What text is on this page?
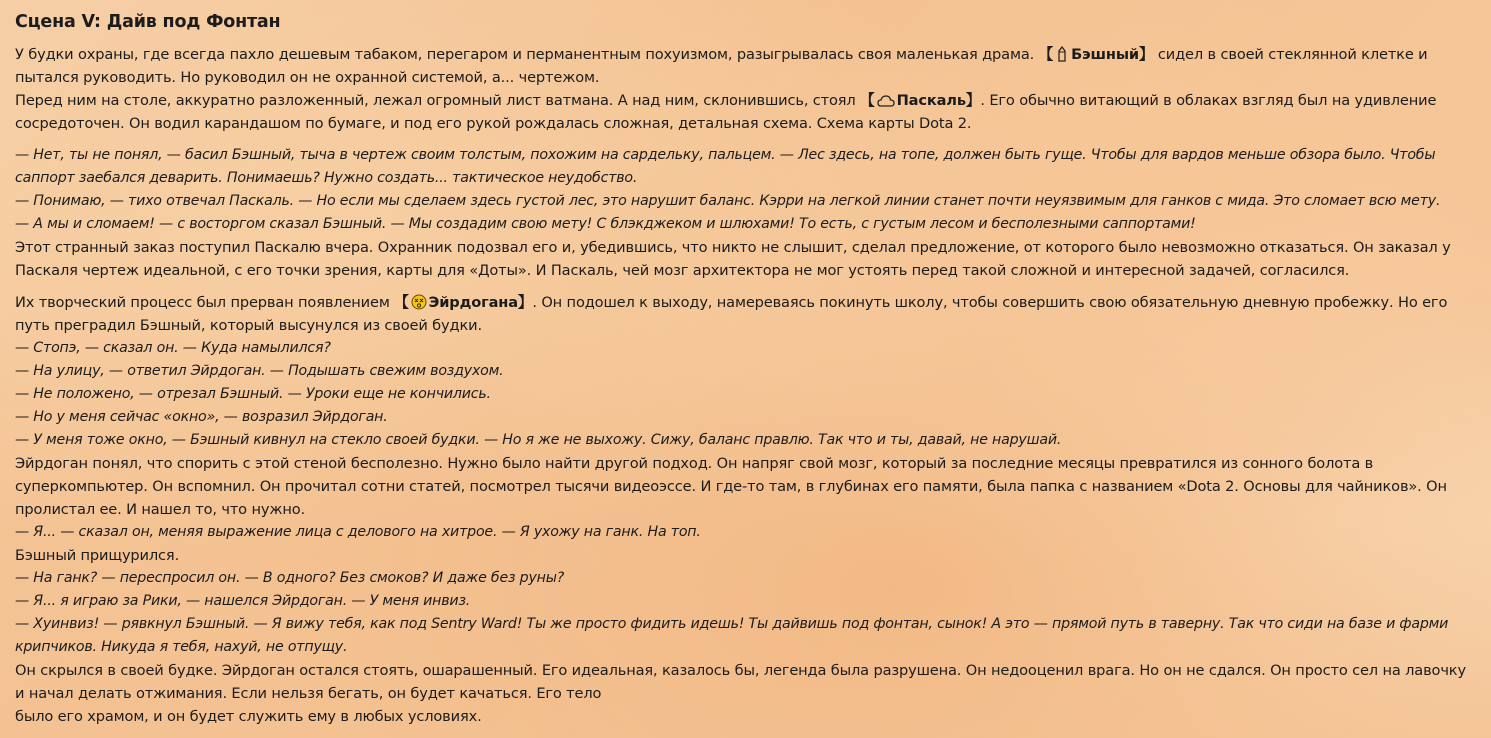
Сцена V: Дайв под Фонтан

У будки охраны, где всегда пахло дешевым табаком, перегаром и перманентным похуизмом, разыгрывалась своя маленькая драма. 【 Бэшный】 сидел в своей стеклянной клетке и пытался руководить. Но руководил он не охранной системой, а... чертежом.

Перед ним на столе, аккуратно разложенный, лежал огромный лист ватмана. А над ним, склонившись, стоял 【 Паскаль】. Его обычно витающий в облаках взгляд был на удивление сосредоточен. Он водил карандашом по бумаге, и под его рукой рождалась сложная, детальная схема. Схема карты Dota 2.

— Нет, ты не понял, — басил Бэшный, тыча в чертеж своим толстым, похожим на сардельку, пальцем. — Лес здесь, на топе, должен быть гуще. Чтобы для вардов меньше обзора было. Чтобы саппорт заебался деварить. Понимаешь? Нужно создать... тактическое неудобство.

— Понимаю, — тихо отвечал Паскаль. — Но если мы сделаем здесь густой лес, это нарушит баланс. Кэрри на легкой линии станет почти неуязвимым для ганков с мида. Это сломает всю мету.

— А мы и сломаем! — с восторгом сказал Бэшный. — Мы создадим свою мету! С блэкджеком и шлюхами! То есть, с густым лесом и бесполезными саппортами!

Этот странный заказ поступил Паскалю вчера. Охранник подозвал его и, убедившись, что никто не слышит, сделал предложение, от которого было невозможно отказаться. Он заказал у Паскаля чертеж идеальной, с его точки зрения, карты для «Доты». И Паскаль, чей мозг архитектора не мог устоять перед такой сложной и интересной задачей, согласился.

Их творческий процесс был прерван появлением 【 Эйрдогана】. Он подошел к выходу, намереваясь покинуть школу, чтобы совершить свою обязательную дневную пробежку. Но его путь преградил Бэшный, который высунулся из своей будки.

— Стопэ, — сказал он. — Куда намылился?

— На улицу, — ответил Эйрдоган. — Подышать свежим воздухом.

— Не положено, — отрезал Бэшный. — Уроки еще не кончились.

— Но у меня сейчас «окно», — возразил Эйрдоган.

— У меня тоже окно, — Бэшный кивнул на стекло своей будки. — Но я же не выхожу. Сижу, баланс правлю. Так что и ты, давай, не нарушай.

Эйрдоган понял, что спорить с этой стеной бесполезно. Нужно было найти другой подход. Он напряг свой мозг, который за последние месяцы превратился из сонного болота в суперкомпьютер. Он вспомнил. Он прочитал сотни статей, посмотрел тысячи видеоэссе. И где-то там, в глубинах его памяти, была папка с названием «Dota 2. Основы для чайников». Он пролистал ее. И нашел то, что нужно.

— Я... — сказал он, меняя выражение лица с делового на хитрое. — Я ухожу на ганк. На топ.

Бэшный прищурился.

— На ганк? — переспросил он. — В одного? Без смоков? И даже без руны?

— Я... я играю за Рики, — нашелся Эйрдоган. — У меня инвиз.

— Хуинвиз! — рявкнул Бэшный. — Я вижу тебя, как под Sentry Ward! Ты же просто фидить идешь! Ты дайвишь под фонтан, сынок! А это — прямой путь в таверну. Так что сиди на базе и фарми крипчиков. Никуда я тебя, нахуй, не отпущу.

Он скрылся в своей будке. Эйрдоган остался стоять, ошарашенный. Его идеальная, казалось бы, легенда была разрушена. Он недооценил врага. Но он не сдался. Он просто сел на лавочку и начал делать отжимания. Если нельзя бегать, он будет качаться. Его тело

было его храмом, и он будет служить ему в любых условиях.
